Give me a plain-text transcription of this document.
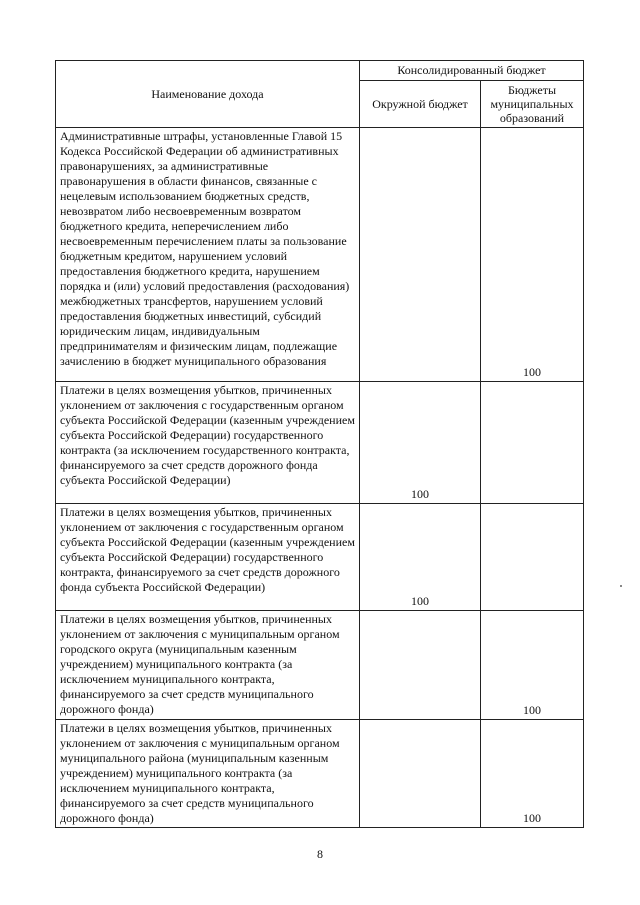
Наименование дохода	Консолидированный бюджет	
	Окружной бюджет	Бюджеты муниципальных образований
Административные штрафы, установленные Главой 15 Кодекса Российской Федерации об административных правонарушениях, за административные правонарушения в области финансов, связанные с нецелевым использованием бюджетных средств, невозвратом либо несвоевременным возвратом бюджетного кредита, неперечислением либо несвоевременным перечислением платы за пользование бюджетным кредитом, нарушением условий предоставления бюджетного кредита, нарушением порядка и (или) условий предоставления (расходования) межбюджетных трансфертов, нарушением условий предоставления бюджетных инвестиций, субсидий юридическим лицам, индивидуальным предпринимателям и физическим лицам, подлежащие зачислению в бюджет муниципального образования		100
Платежи в целях возмещения убытков, причиненных уклонением от заключения с государственным органом субъекта Российской Федерации (казенным учреждением субъекта Российской Федерации) государственного контракта (за исключением государственного контракта, финансируемого за счет средств дорожного фонда субъекта Российской Федерации)	100	
Платежи в целях возмещения убытков, причиненных уклонением от заключения с государственным органом субъекта Российской Федерации (казенным учреждением субъекта Российской Федерации) государственного контракта, финансируемого за счет средств дорожного фонда субъекта Российской Федерации)	100	
Платежи в целях возмещения убытков, причиненных уклонением от заключения с муниципальным органом городского округа (муниципальным казенным учреждением) муниципального контракта (за исключением муниципального контракта, финансируемого за счет средств муниципального дорожного фонда)		100
Платежи в целях возмещения убытков, причиненных уклонением от заключения с муниципальным органом муниципального района (муниципальным казенным учреждением) муниципального контракта (за исключением муниципального контракта, финансируемого за счет средств муниципального дорожного фонда)		100
8
